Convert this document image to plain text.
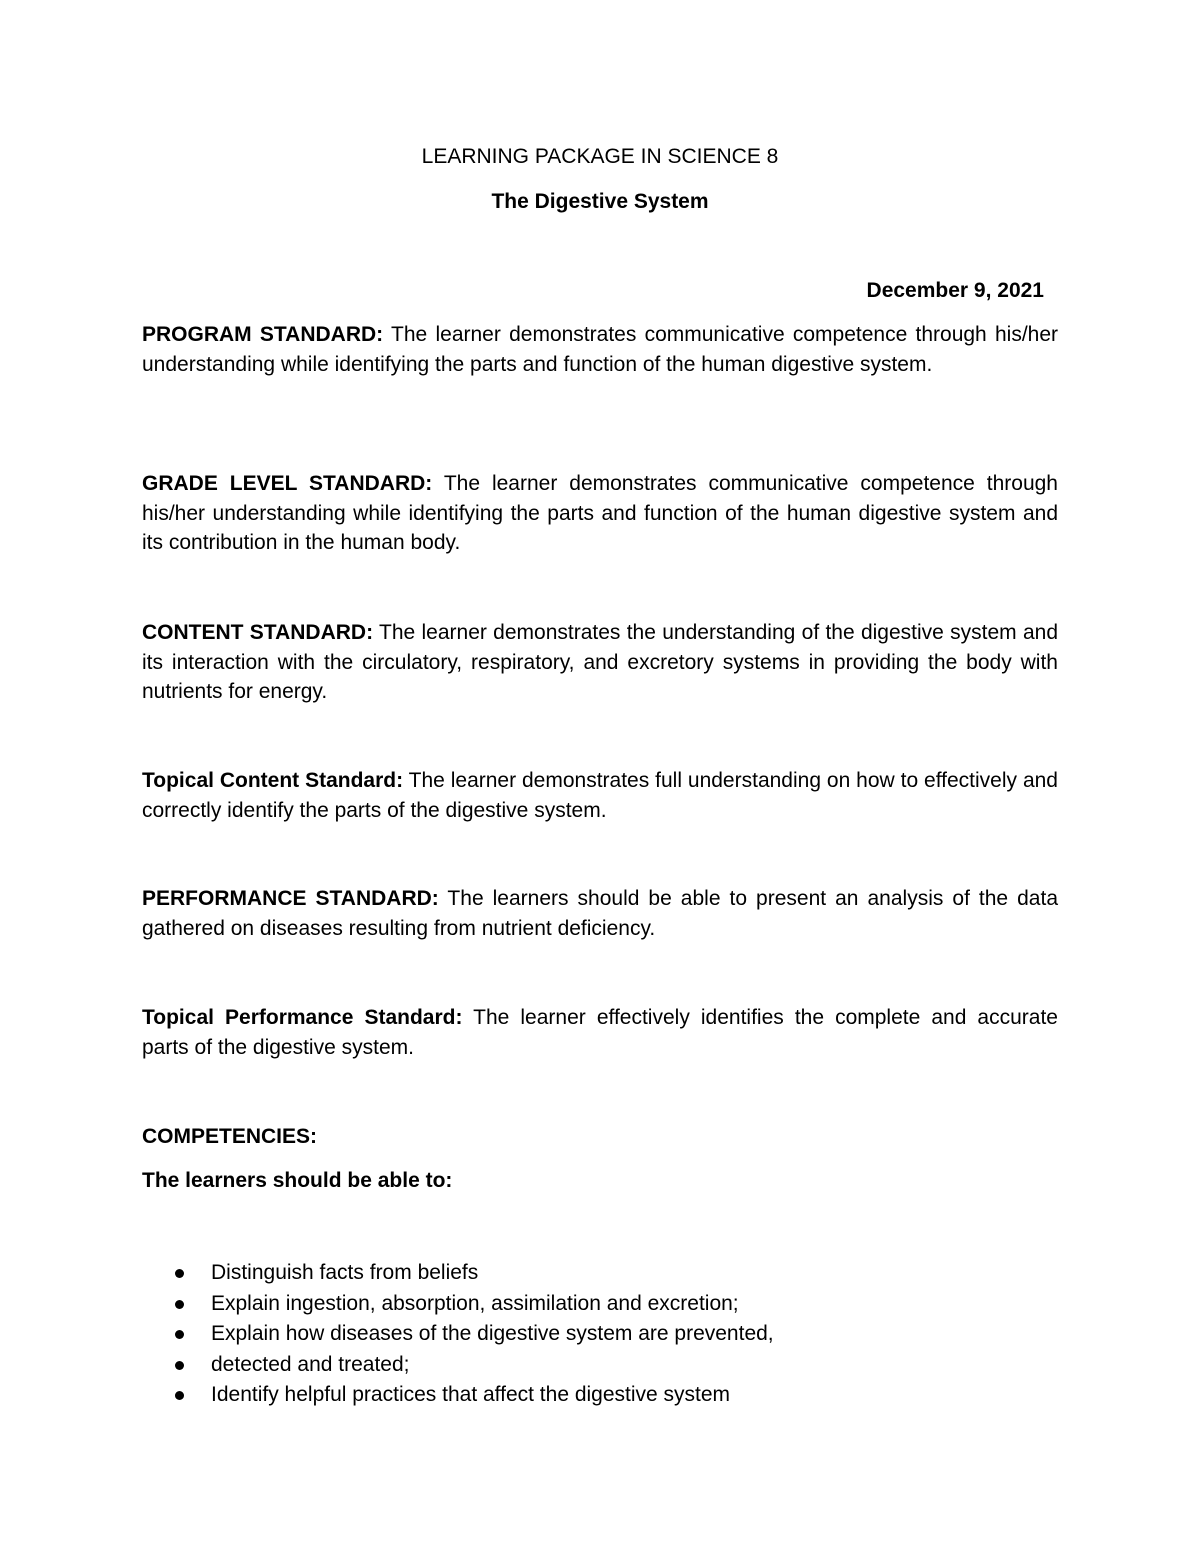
LEARNING PACKAGE IN SCIENCE 8
The Digestive System
December 9, 2021
PROGRAM STANDARD: The learner demonstrates communicative competence through his/her understanding while identifying the parts and function of the human digestive system.
GRADE LEVEL STANDARD: The learner demonstrates communicative competence through his/her understanding while identifying the parts and function of the human digestive system and its contribution in the human body.
CONTENT STANDARD: The learner demonstrates the understanding of the digestive system and its interaction with the circulatory, respiratory, and excretory systems in providing the body with nutrients for energy.
Topical Content Standard: The learner demonstrates full understanding on how to effectively and correctly identify the parts of the digestive system.
PERFORMANCE STANDARD: The learners should be able to present an analysis of the data gathered on diseases resulting from nutrient deficiency.
Topical Performance Standard: The learner effectively identifies the complete and accurate parts of the digestive system.
COMPETENCIES:
The learners should be able to:
Distinguish facts from beliefs
Explain ingestion, absorption, assimilation and excretion;
Explain how diseases of the digestive system are prevented,
detected and treated;
Identify helpful practices that affect the digestive system
